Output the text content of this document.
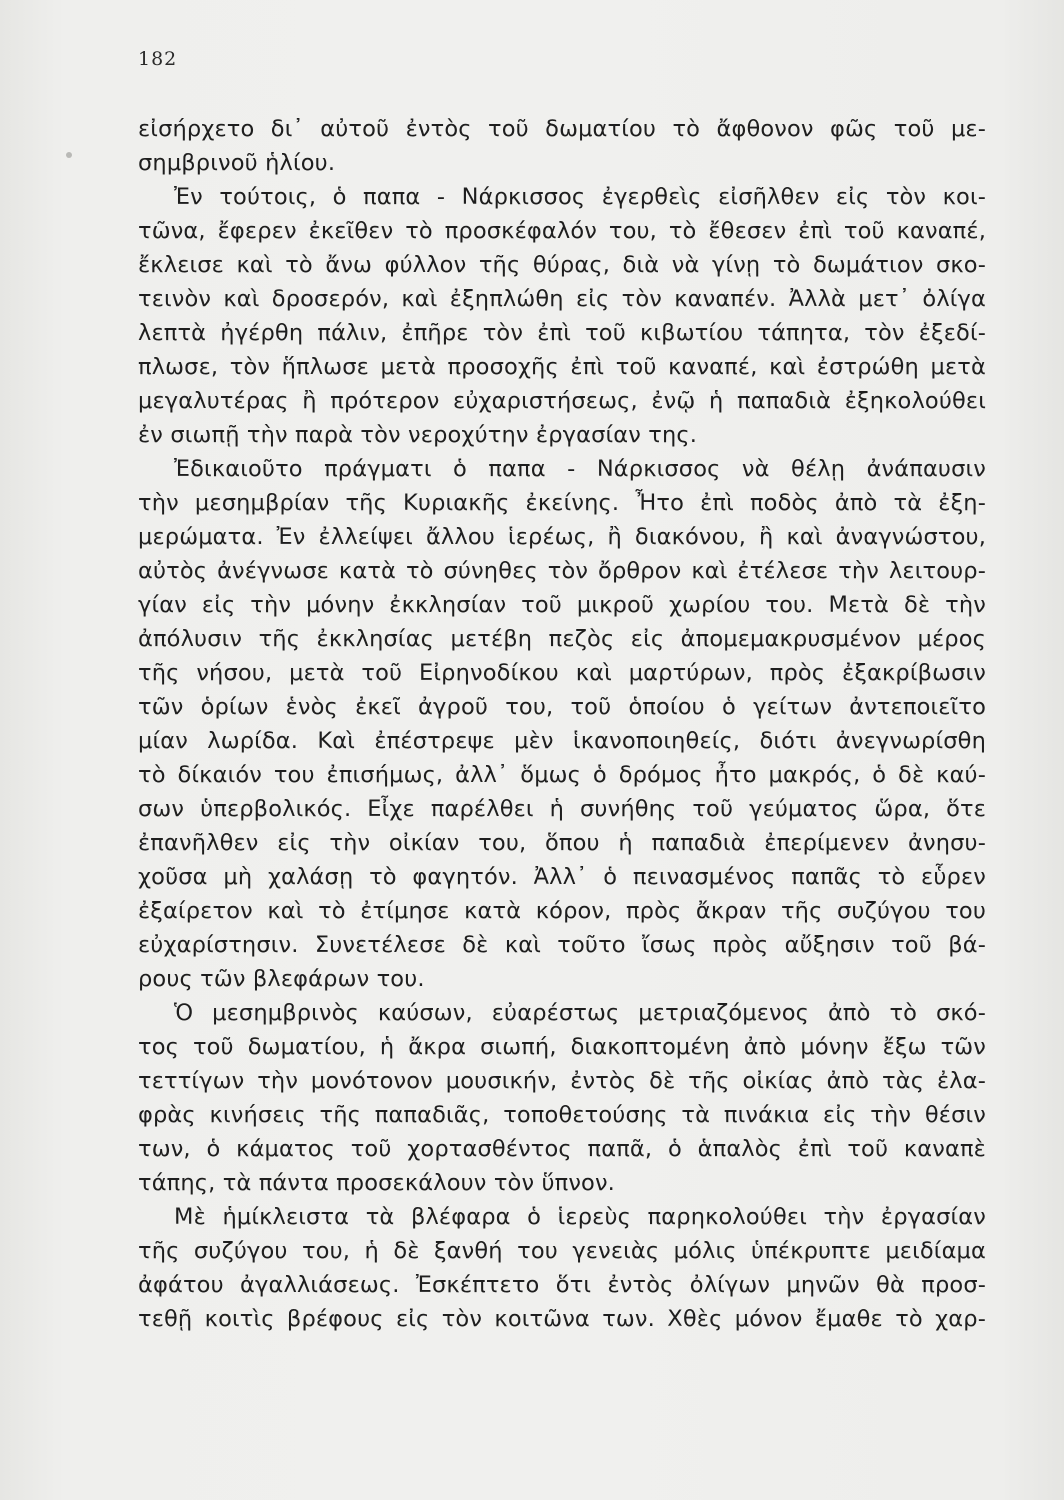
182
εἰσήρχετο δι᾽ αὐτοῦ ἐντὸς τοῦ δωματίου τὸ ἄφθονον φῶς τοῦ με-
σημβρινοῦ ἡλίου.
Ἐν τούτοις, ὁ παπα - Νάρκισσος ἐγερθεὶς εἰσῆλθεν εἰς τὸν κοι-
τῶνα, ἔφερεν ἐκεῖθεν τὸ προσκέφαλόν του, τὸ ἔθεσεν ἐπὶ τοῦ καναπέ,
ἔκλεισε καὶ τὸ ἄνω φύλλον τῆς θύρας, διὰ νὰ γίνῃ τὸ δωμάτιον σκο-
τεινὸν καὶ δροσερόν, καὶ ἐξηπλώθη εἰς τὸν καναπέν. Ἀλλὰ μετ᾽ ὀλίγα
λεπτὰ ἠγέρθη πάλιν, ἐπῆρε τὸν ἐπὶ τοῦ κιβωτίου τάπητα, τὸν ἐξεδί-
πλωσε, τὸν ἥπλωσε μετὰ προσοχῆς ἐπὶ τοῦ καναπέ, καὶ ἐστρώθη μετὰ
μεγαλυτέρας ἢ πρότερον εὐχαριστήσεως, ἐνῷ ἡ παπαδιὰ ἐξηκολούθει
ἐν σιωπῇ τὴν παρὰ τὸν νεροχύτην ἐργασίαν της.
Ἐδικαιοῦτο πράγματι ὁ παπα - Νάρκισσος νὰ θέλῃ ἀνάπαυσιν
τὴν μεσημβρίαν τῆς Κυριακῆς ἐκείνης. Ἦτο ἐπὶ ποδὸς ἀπὸ τὰ ἐξη-
μερώματα. Ἐν ἐλλείψει ἄλλου ἱερέως, ἢ διακόνου, ἢ καὶ ἀναγνώστου,
αὐτὸς ἀνέγνωσε κατὰ τὸ σύνηθες τὸν ὄρθρον καὶ ἐτέλεσε τὴν λειτουρ-
γίαν εἰς τὴν μόνην ἐκκλησίαν τοῦ μικροῦ χωρίου του. Μετὰ δὲ τὴν
ἀπόλυσιν τῆς ἐκκλησίας μετέβη πεζὸς εἰς ἀπομεμακρυσμένον μέρος
τῆς νήσου, μετὰ τοῦ Εἰρηνοδίκου καὶ μαρτύρων, πρὸς ἐξακρίβωσιν
τῶν ὁρίων ἑνὸς ἐκεῖ ἀγροῦ του, τοῦ ὁποίου ὁ γείτων ἀντεποιεῖτο
μίαν λωρίδα. Καὶ ἐπέστρεψε μὲν ἱκανοποιηθείς, διότι ἀνεγνωρίσθη
τὸ δίκαιόν του ἐπισήμως, ἀλλ᾽ ὅμως ὁ δρόμος ἦτο μακρός, ὁ δὲ καύ-
σων ὑπερβολικός. Εἶχε παρέλθει ἡ συνήθης τοῦ γεύματος ὥρα, ὅτε
ἐπανῆλθεν εἰς τὴν οἰκίαν του, ὅπου ἡ παπαδιὰ ἐπερίμενεν ἀνησυ-
χοῦσα μὴ χαλάσῃ τὸ φαγητόν. Ἀλλ᾽ ὁ πεινασμένος παπᾶς τὸ εὗρεν
ἐξαίρετον καὶ τὸ ἐτίμησε κατὰ κόρον, πρὸς ἄκραν τῆς συζύγου του
εὐχαρίστησιν. Συνετέλεσε δὲ καὶ τοῦτο ἴσως πρὸς αὔξησιν τοῦ βά-
ρους τῶν βλεφάρων του.
Ὁ μεσημβρινὸς καύσων, εὐαρέστως μετριαζόμενος ἀπὸ τὸ σκό-
τος τοῦ δωματίου, ἡ ἄκρα σιωπή, διακοπτομένη ἀπὸ μόνην ἔξω τῶν
τεττίγων τὴν μονότονον μουσικήν, ἐντὸς δὲ τῆς οἰκίας ἀπὸ τὰς ἐλα-
φρὰς κινήσεις τῆς παπαδιᾶς, τοποθετούσης τὰ πινάκια εἰς τὴν θέσιν
των, ὁ κάματος τοῦ χορτασθέντος παπᾶ, ὁ ἁπαλὸς ἐπὶ τοῦ καναπὲ
τάπης, τὰ πάντα προσεκάλουν τὸν ὕπνον.
Μὲ ἡμίκλειστα τὰ βλέφαρα ὁ ἱερεὺς παρηκολούθει τὴν ἐργασίαν
τῆς συζύγου του, ἡ δὲ ξανθή του γενειὰς μόλις ὑπέκρυπτε μειδίαμα
ἀφάτου ἀγαλλιάσεως. Ἐσκέπτετο ὅτι ἐντὸς ὀλίγων μηνῶν θὰ προσ-
τεθῇ κοιτὶς βρέφους εἰς τὸν κοιτῶνα των. Χθὲς μόνον ἔμαθε τὸ χαρ-
